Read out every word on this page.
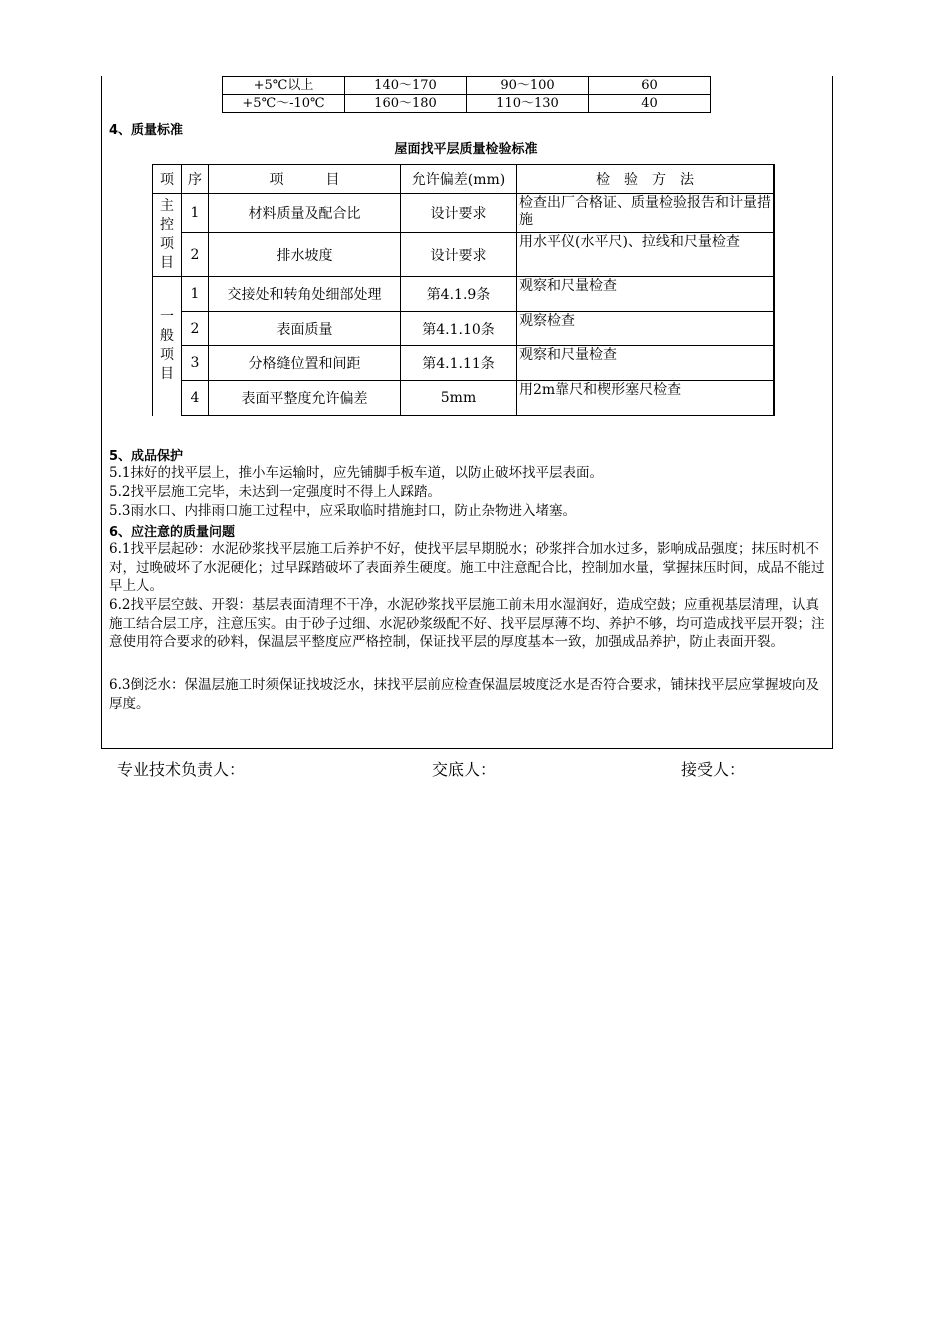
+5℃以上	140～170	90～100	60
+5℃～-10℃	160～180	110～130	40
4、质量标准
屋面找平层质量检验标准
项	序	项　　　目	允许偏差(mm)	检　验　方　法
主控项目	1	材料质量及配合比	设计要求	检查出厂合格证、质量检验报告和计量措施
	2	排水坡度	设计要求	用水平仪(水平尺)、拉线和尺量检查
一般项目	1	交接处和转角处细部处理	第4.1.9条	观察和尺量检查
	2	表面质量	第4.1.10条	观察检查
	3	分格缝位置和间距	第4.1.11条	观察和尺量检查
	4	表面平整度允许偏差	5mm	用2m靠尺和楔形塞尺检查
5、成品保护
5.1抹好的找平层上，推小车运输时，应先铺脚手板车道，以防止破坏找平层表面。
5.2找平层施工完毕，未达到一定强度时不得上人踩踏。
5.3雨水口、内排雨口施工过程中，应采取临时措施封口，防止杂物进入堵塞。
6、应注意的质量问题
6.1找平层起砂：水泥砂浆找平层施工后养护不好，使找平层早期脱水；砂浆拌合加水过多，影响成品强度；抹压时机不对，过晚破坏了水泥硬化；过早踩踏破坏了表面养生硬度。施工中注意配合比，控制加水量，掌握抹压时间，成品不能过早上人。
6.2找平层空鼓、开裂：基层表面清理不干净，水泥砂浆找平层施工前未用水湿润好，造成空鼓；应重视基层清理，认真施工结合层工序，注意压实。由于砂子过细、水泥砂浆级配不好、找平层厚薄不均、养护不够，均可造成找平层开裂；注意使用符合要求的砂料，保温层平整度应严格控制，保证找平层的厚度基本一致，加强成品养护，防止表面开裂。
6.3倒泛水：保温层施工时须保证找坡泛水，抹找平层前应检查保温层坡度泛水是否符合要求，铺抹找平层应掌握坡向及厚度。
专业技术负责人：	交底人：	接受人：
